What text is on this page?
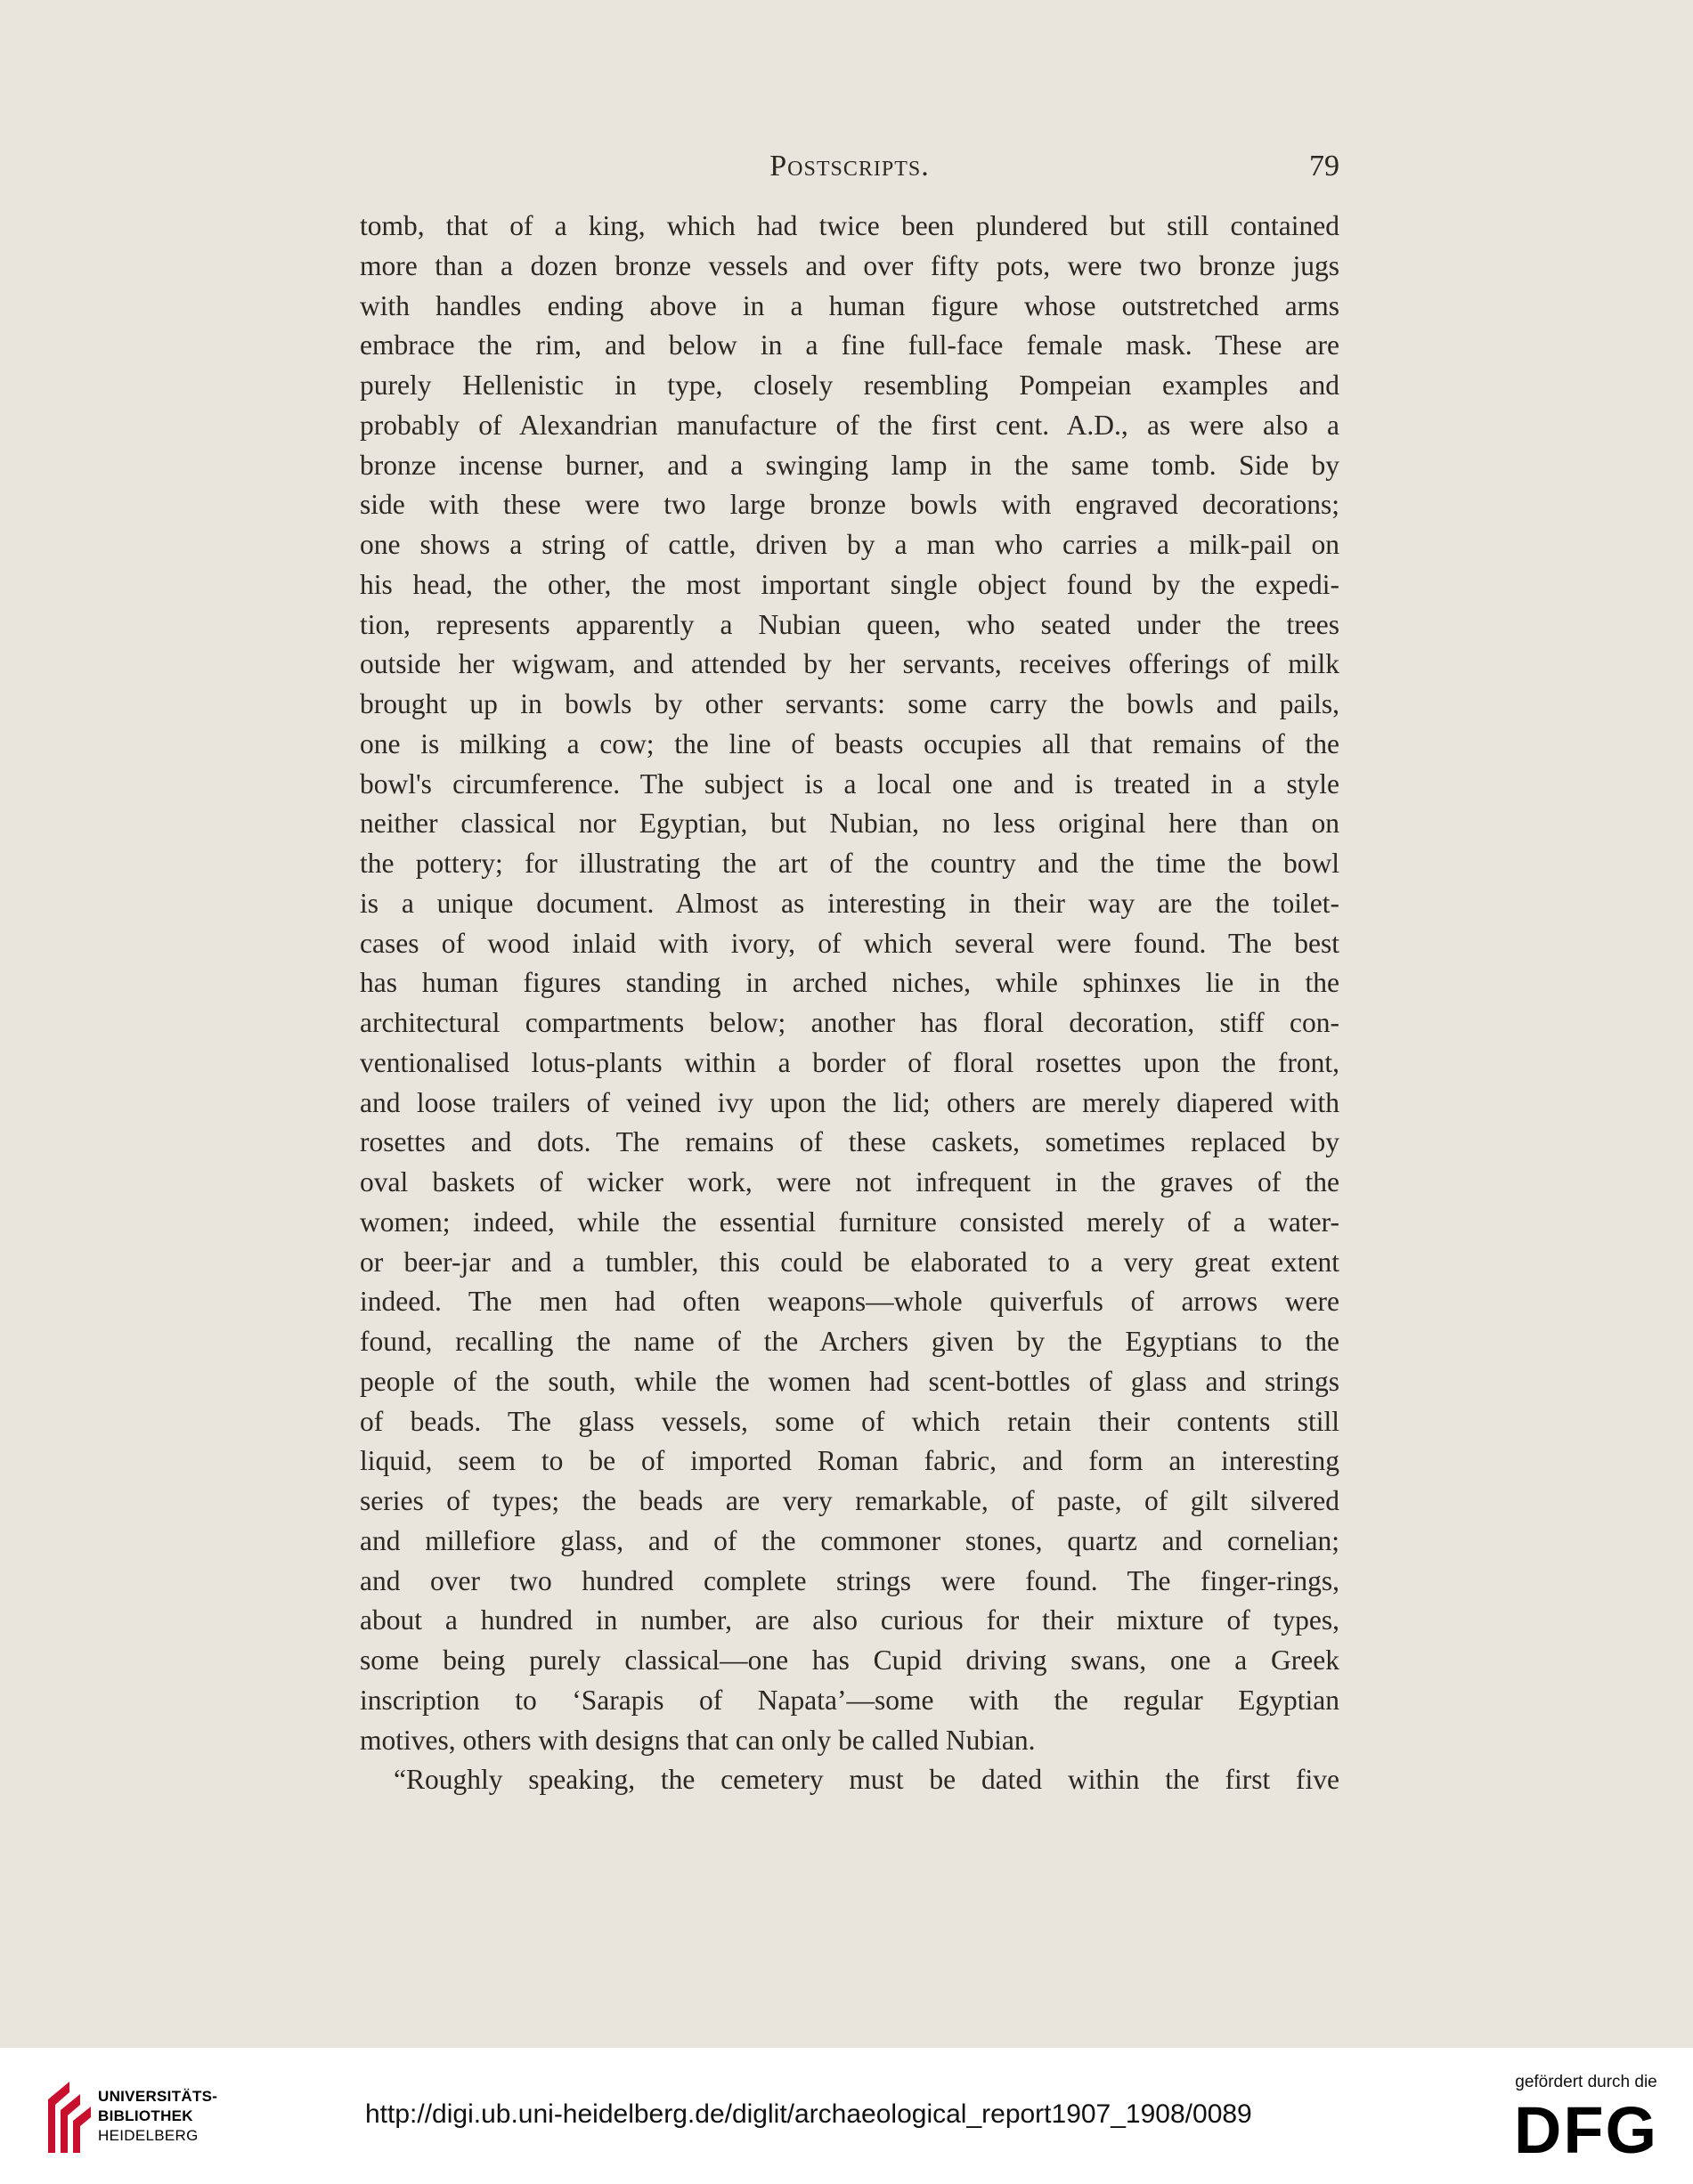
Postscripts.	79
tomb, that of a king, which had twice been plundered but still contained
more than a dozen bronze vessels and over fifty pots, were two bronze jugs
with handles ending above in a human figure whose outstretched arms
embrace the rim, and below in a fine full-face female mask. These are
purely Hellenistic in type, closely resembling Pompeian examples and
probably of Alexandrian manufacture of the first cent. A.D., as were also a
bronze incense burner, and a swinging lamp in the same tomb. Side by
side with these were two large bronze bowls with engraved decorations;
one shows a string of cattle, driven by a man who carries a milk-pail on
his head, the other, the most important single object found by the expedi-
tion, represents apparently a Nubian queen, who seated under the trees
outside her wigwam, and attended by her servants, receives offerings of milk
brought up in bowls by other servants: some carry the bowls and pails,
one is milking a cow; the line of beasts occupies all that remains of the
bowl's circumference. The subject is a local one and is treated in a style
neither classical nor Egyptian, but Nubian, no less original here than on
the pottery; for illustrating the art of the country and the time the bowl
is a unique document. Almost as interesting in their way are the toilet-
cases of wood inlaid with ivory, of which several were found. The best
has human figures standing in arched niches, while sphinxes lie in the
architectural compartments below; another has floral decoration, stiff con-
ventionalised lotus-plants within a border of floral rosettes upon the front,
and loose trailers of veined ivy upon the lid; others are merely diapered with
rosettes and dots. The remains of these caskets, sometimes replaced by
oval baskets of wicker work, were not infrequent in the graves of the
women; indeed, while the essential furniture consisted merely of a water-
or beer-jar and a tumbler, this could be elaborated to a very great extent
indeed. The men had often weapons—whole quiverfuls of arrows were
found, recalling the name of the Archers given by the Egyptians to the
people of the south, while the women had scent-bottles of glass and strings
of beads. The glass vessels, some of which retain their contents still
liquid, seem to be of imported Roman fabric, and form an interesting
series of types; the beads are very remarkable, of paste, of gilt silvered
and millefiore glass, and of the commoner stones, quartz and cornelian;
and over two hundred complete strings were found. The finger-rings,
about a hundred in number, are also curious for their mixture of types,
some being purely classical—one has Cupid driving swans, one a Greek
inscription to ‘Sarapis of Napata’—some with the regular Egyptian
motives, others with designs that can only be called Nubian.
“Roughly speaking, the cemetery must be dated within the first five
UNIVERSITÄTS-
BIBLIOTHEK
HEIDELBERG
http://digi.ub.uni-heidelberg.de/diglit/archaeological_report1907_1908/0089
gefördert durch die
DFG
